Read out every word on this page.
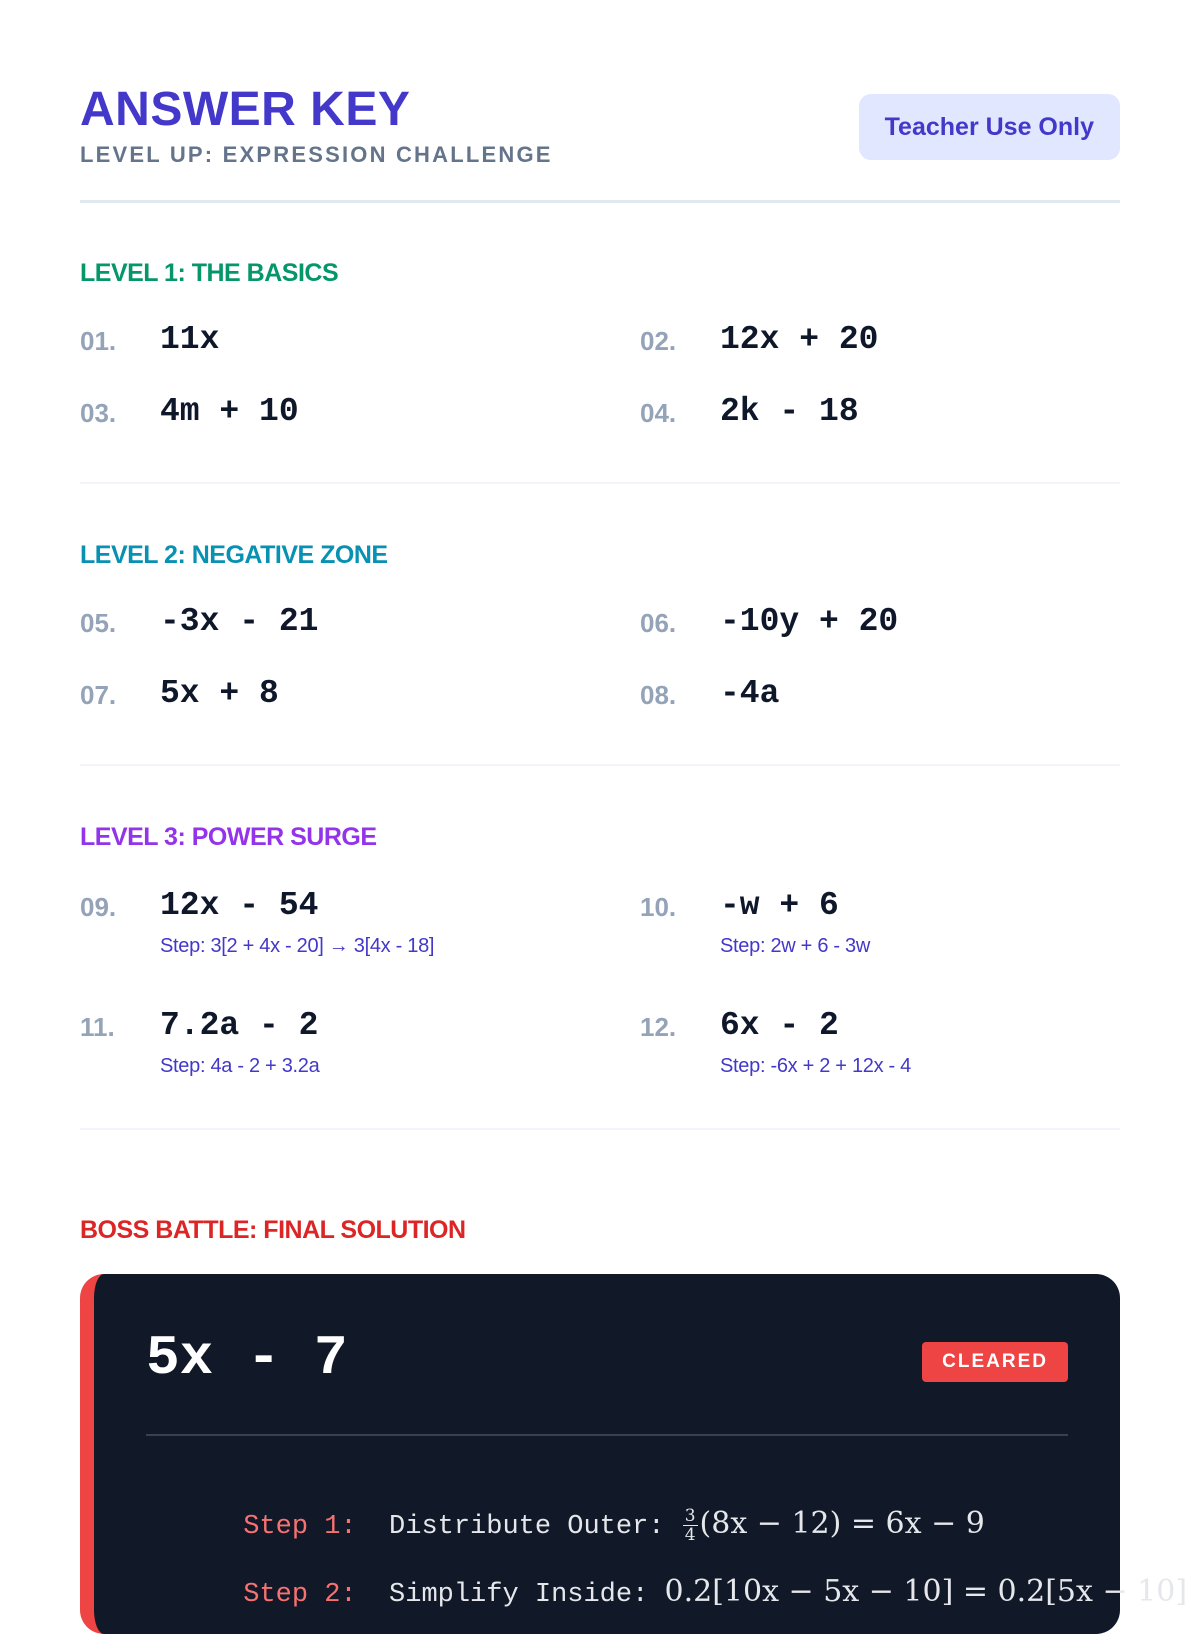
ANSWER KEY
LEVEL UP: EXPRESSION CHALLENGE
Teacher Use Only
LEVEL 1: THE BASICS
01. 11x	02. 12x + 20
03. 4m + 10	04. 2k - 18
LEVEL 2: NEGATIVE ZONE
05. -3x - 21	06. -10y + 20
07. 5x + 8	08. -4a
LEVEL 3: POWER SURGE
09. 12x - 54
Step: 3[2 + 4x - 20] → 3[4x - 18]
10. -w + 6
Step: 2w + 6 - 3w
11. 7.2a - 2
Step: 4a - 2 + 3.2a
12. 6x - 2
Step: -6x + 2 + 12x - 4
BOSS BATTLE: FINAL SOLUTION
5x - 7	CLEARED

Step 1: Distribute Outer: $\frac{3}{4} (8x - 12) = 6x - 9$

Step 2: Simplify Inside: 0.2[10x − 5x − 10] = 0.2[5x − 10]
